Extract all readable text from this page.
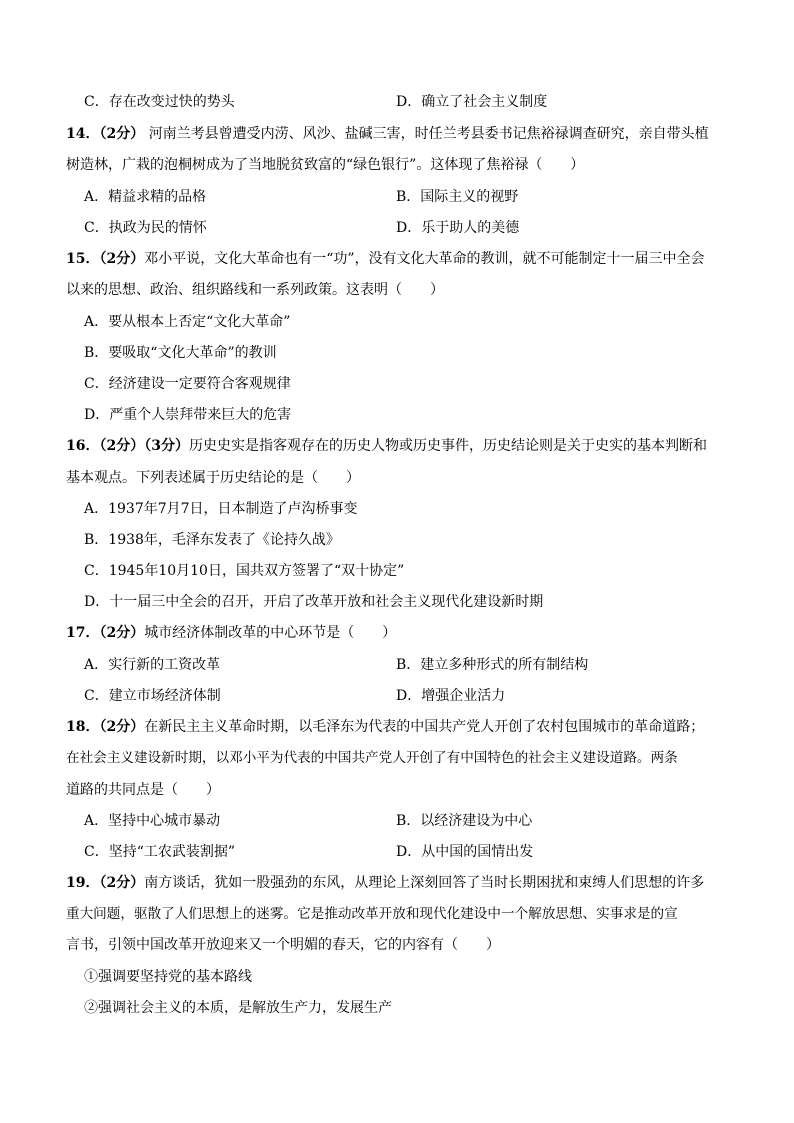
C．存在改变过快的势头	D．确立了社会主义制度
14．（2分） 河南兰考县曾遭受内涝、风沙、盐碱三害，时任兰考县委书记焦裕禄调查研究，亲自带头植
树造林，广栽的泡桐树成为了当地脱贫致富的“绿色银行”。这体现了焦裕禄（　　）
A．精益求精的品格	B．国际主义的视野
C．执政为民的情怀	D．乐于助人的美德
15．（2分）邓小平说，文化大革命也有一“功”，没有文化大革命的教训，就不可能制定十一届三中全会
以来的思想、政治、组织路线和一系列政策。这表明（　　）
A．要从根本上否定“文化大革命”
B．要吸取“文化大革命”的教训
C．经济建设一定要符合客观规律
D．严重个人崇拜带来巨大的危害
16．（2分）（3分）历史史实是指客观存在的历史人物或历史事件，历史结论则是关于史实的基本判断和
基本观点。下列表述属于历史结论的是（　　）
A．1937年7月7日，日本制造了卢沟桥事变
B．1938年，毛泽东发表了《论持久战》
C．1945年10月10日，国共双方签署了“双十协定”
D．十一届三中全会的召开，开启了改革开放和社会主义现代化建设新时期
17．（2分）城市经济体制改革的中心环节是（　　）
A．实行新的工资改革	B．建立多种形式的所有制结构
C．建立市场经济体制	D．增强企业活力
18．（2分）在新民主主义革命时期，以毛泽东为代表的中国共产党人开创了农村包围城市的革命道路；
在社会主义建设新时期，以邓小平为代表的中国共产党人开创了有中国特色的社会主义建设道路。两条
道路的共同点是（　　）
A．坚持中心城市暴动	B．以经济建设为中心
C．坚持“工农武装割据”	D．从中国的国情出发
19．（2分）南方谈话，犹如一股强劲的东风，从理论上深刻回答了当时长期困扰和束缚人们思想的许多
重大问题，驱散了人们思想上的迷雾。它是推动改革开放和现代化建设中一个解放思想、实事求是的宣
言书，引领中国改革开放迎来又一个明媚的春天，它的内容有（　　）
①强调要坚持党的基本路线
②强调社会主义的本质，是解放生产力，发展生产
